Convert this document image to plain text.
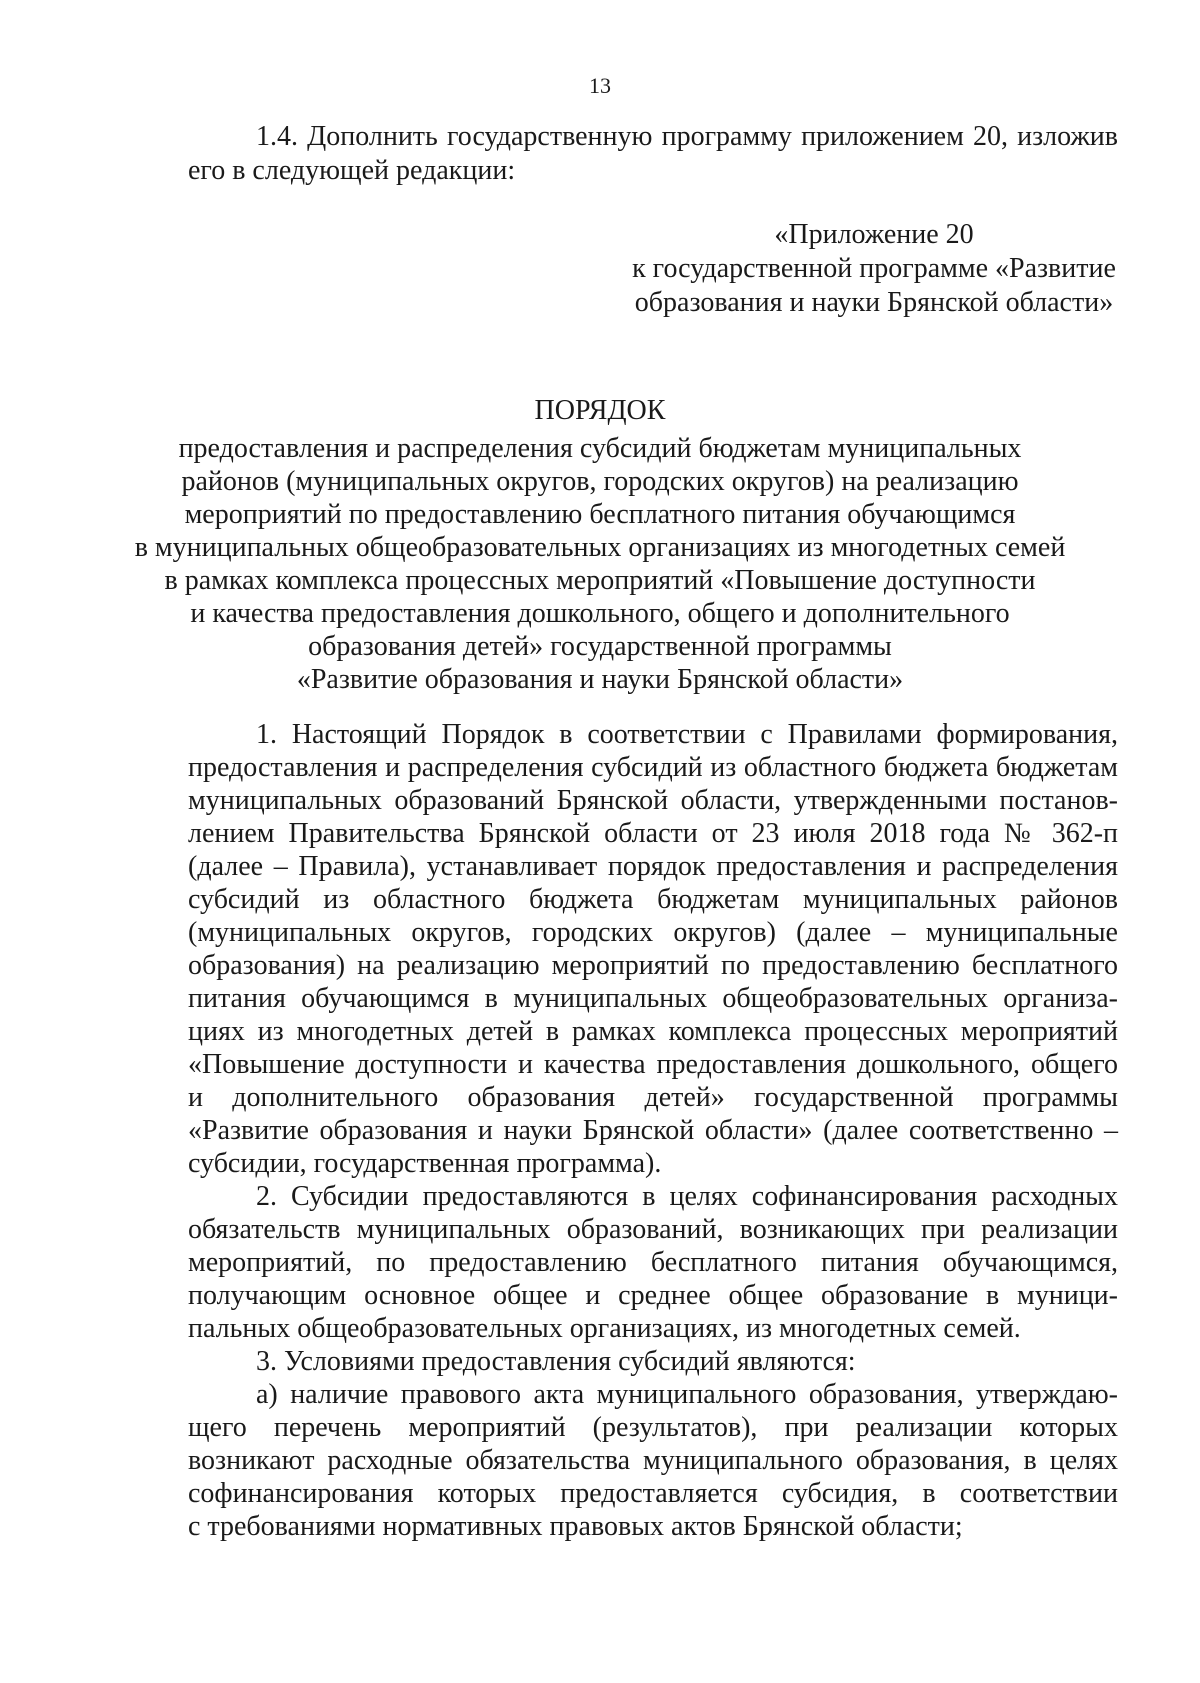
13
1.4. Дополнить государственную программу приложением 20, изложив
его в следующей редакции:
«Приложение 20
к государственной программе «Развитие
образования и науки Брянской области»
ПОРЯДОК
предоставления и распределения субсидий бюджетам муниципальных
районов (муниципальных округов, городских округов) на реализацию
мероприятий по предоставлению бесплатного питания обучающимся
в муниципальных общеобразовательных организациях из многодетных семей
в рамках комплекса процессных мероприятий «Повышение доступности
и качества предоставления дошкольного, общего и дополнительного
образования детей» государственной программы
«Развитие образования и науки Брянской области»
1. Настоящий Порядок в соответствии с Правилами формирования,
предоставления и распределения субсидий из областного бюджета бюджетам
муниципальных образований Брянской области, утвержденными постанов-
лением Правительства Брянской области от 23 июля 2018 года № 362-п
(далее – Правила), устанавливает порядок предоставления и распределения
субсидий из областного бюджета бюджетам муниципальных районов
(муниципальных округов, городских округов) (далее – муниципальные
образования) на реализацию мероприятий по предоставлению бесплатного
питания обучающимся в муниципальных общеобразовательных организа-
циях из многодетных детей в рамках комплекса процессных мероприятий
«Повышение доступности и качества предоставления дошкольного, общего
и дополнительного образования детей» государственной программы
«Развитие образования и науки Брянской области» (далее соответственно –
субсидии, государственная программа).
2. Субсидии предоставляются в целях софинансирования расходных
обязательств муниципальных образований, возникающих при реализации
мероприятий, по предоставлению бесплатного питания обучающимся,
получающим основное общее и среднее общее образование в муници-
пальных общеобразовательных организациях, из многодетных семей.
3. Условиями предоставления субсидий являются:
а) наличие правового акта муниципального образования, утверждаю-
щего перечень мероприятий (результатов), при реализации которых
возникают расходные обязательства муниципального образования, в целях
софинансирования которых предоставляется субсидия, в соответствии
с требованиями нормативных правовых актов Брянской области;
